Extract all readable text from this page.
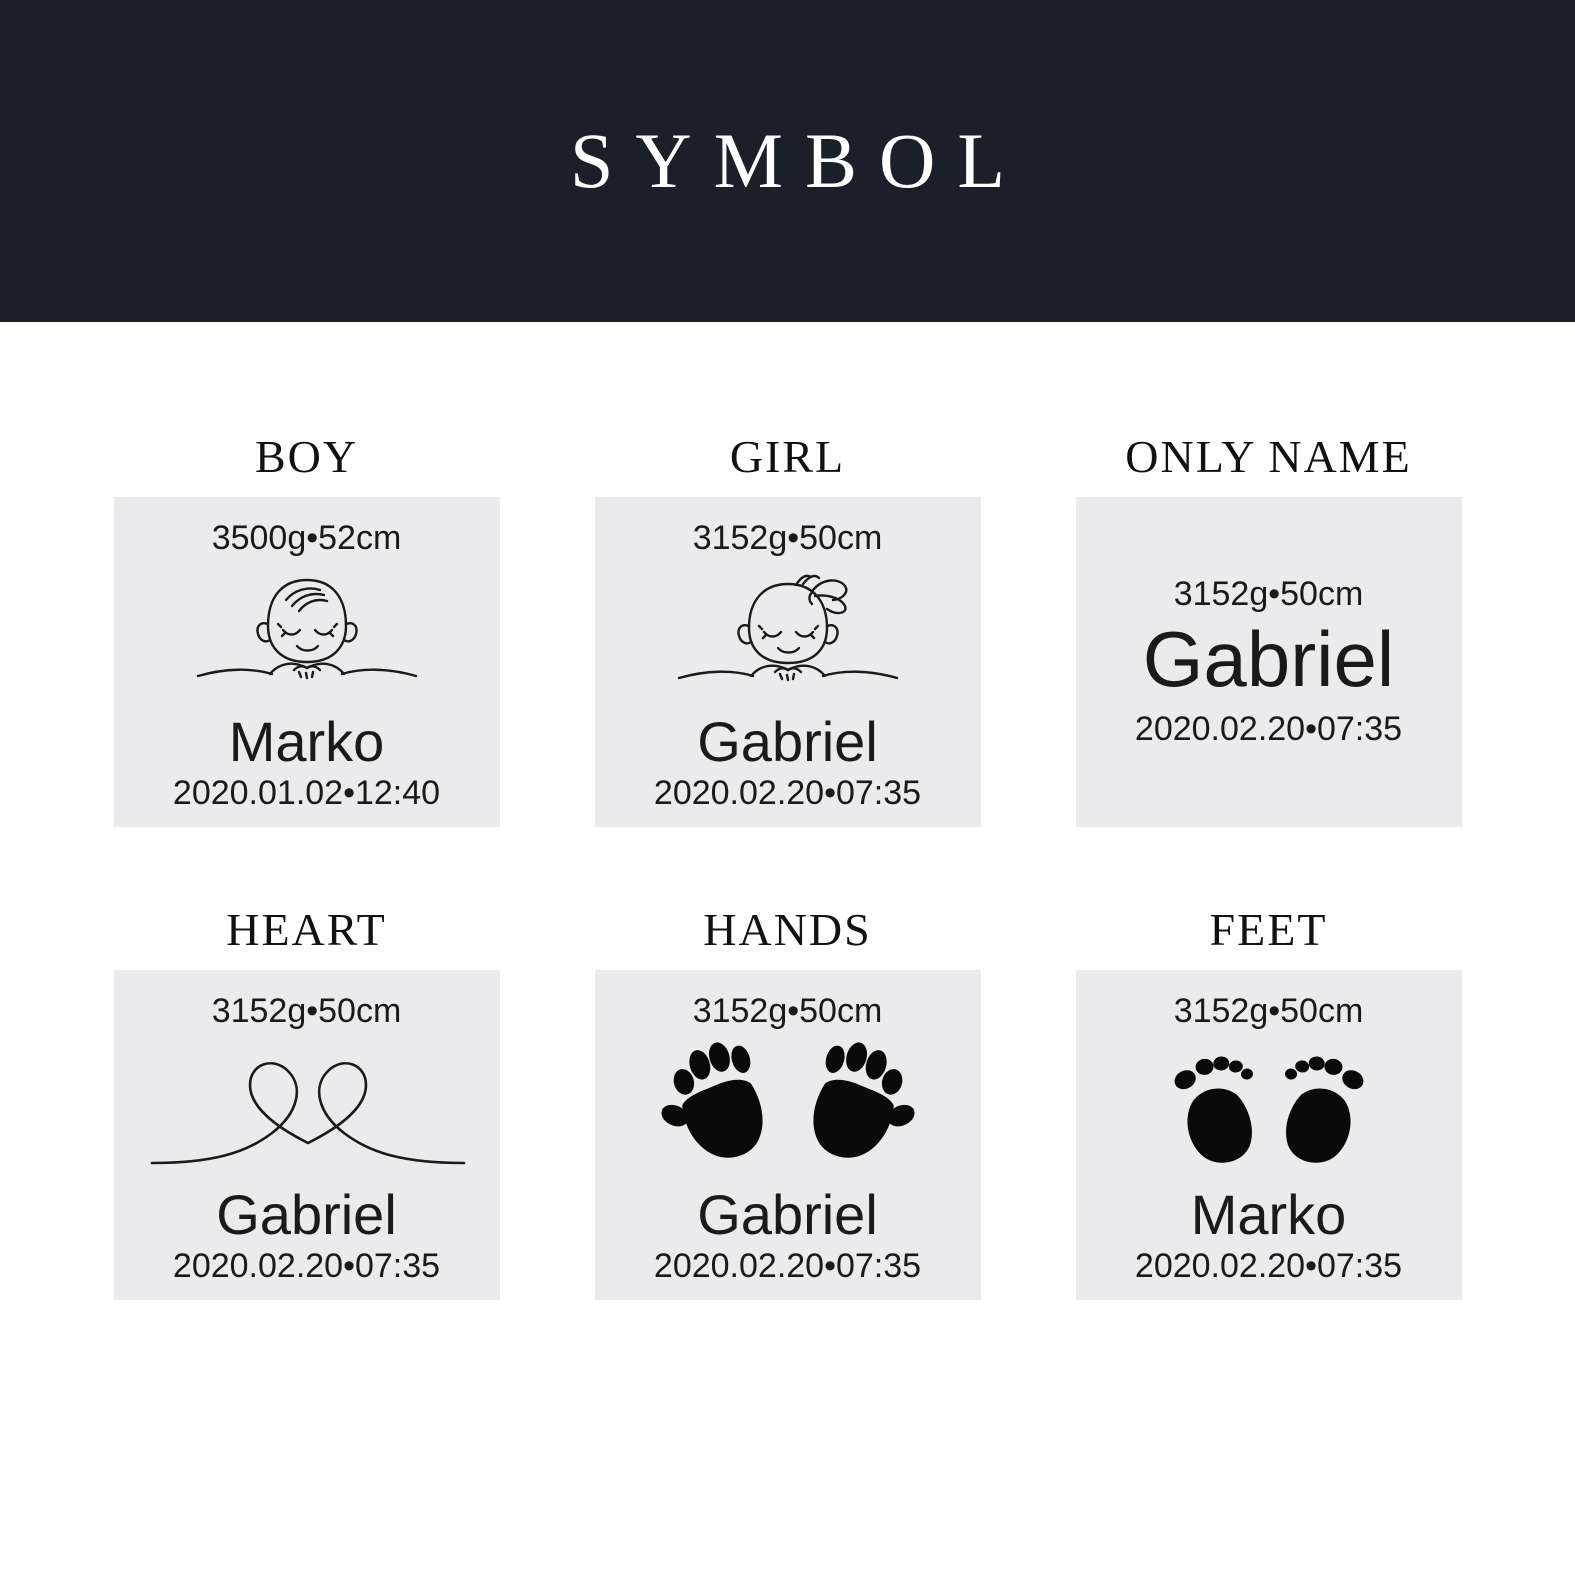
SYMBOL
BOY
3500g•52cm
Marko
2020.01.02•12:40
GIRL
3152g•50cm
Gabriel
2020.02.20•07:35
ONLY NAME
3152g•50cm
Gabriel
2020.02.20•07:35
HEART
3152g•50cm
Gabriel
2020.02.20•07:35
HANDS
3152g•50cm
Gabriel
2020.02.20•07:35
FEET
3152g•50cm
Marko
2020.02.20•07:35
